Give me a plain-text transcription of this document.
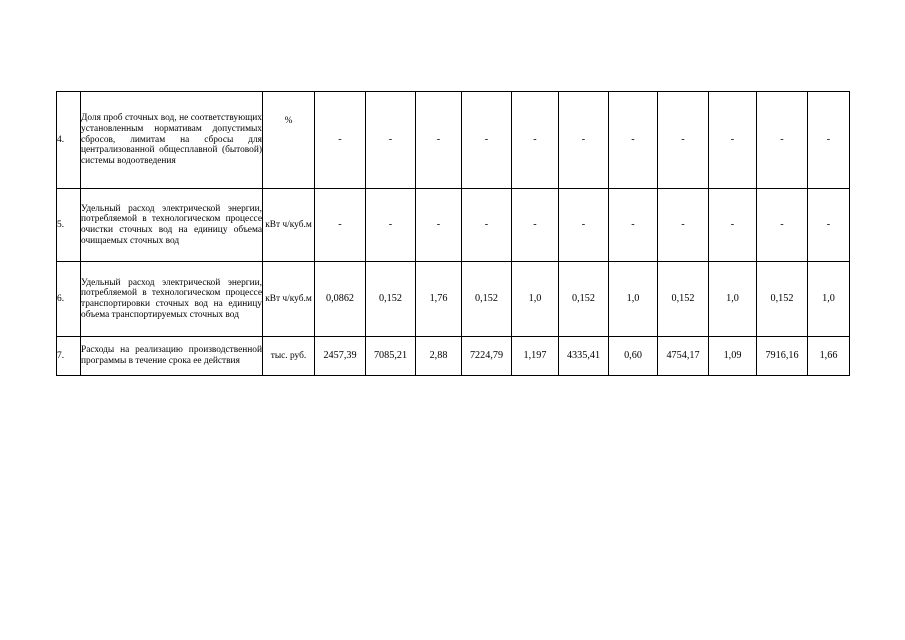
4.	Доля проб сточных вод, не соответствующих установленным нормативам допустимых сбросов, лимитам на сбросы для централизованной общесплавной (бытовой) системы водоотведения	%	-	-	-	-	-	-	-	-	-	-	-
5.	Удельный расход электрической энергии, потребляемой в технологическом процессе очистки сточных вод на единицу объема очищаемых сточных вод	кВт ч/куб.м	-	-	-	-	-	-	-	-	-	-	-
6.	Удельный расход электрической энергии, потребляемой в технологическом процессе транспортировки сточных вод на единицу объема транспортируемых сточных вод	кВт ч/куб.м	0,0862	0,152	1,76	0,152	1,0	0,152	1,0	0,152	1,0	0,152	1,0
7.	Расходы на реализацию производственной программы в течение срока ее действия	тыс. руб.	2457,39	7085,21	2,88	7224,79	1,197	4335,41	0,60	4754,17	1,09	7916,16	1,66
